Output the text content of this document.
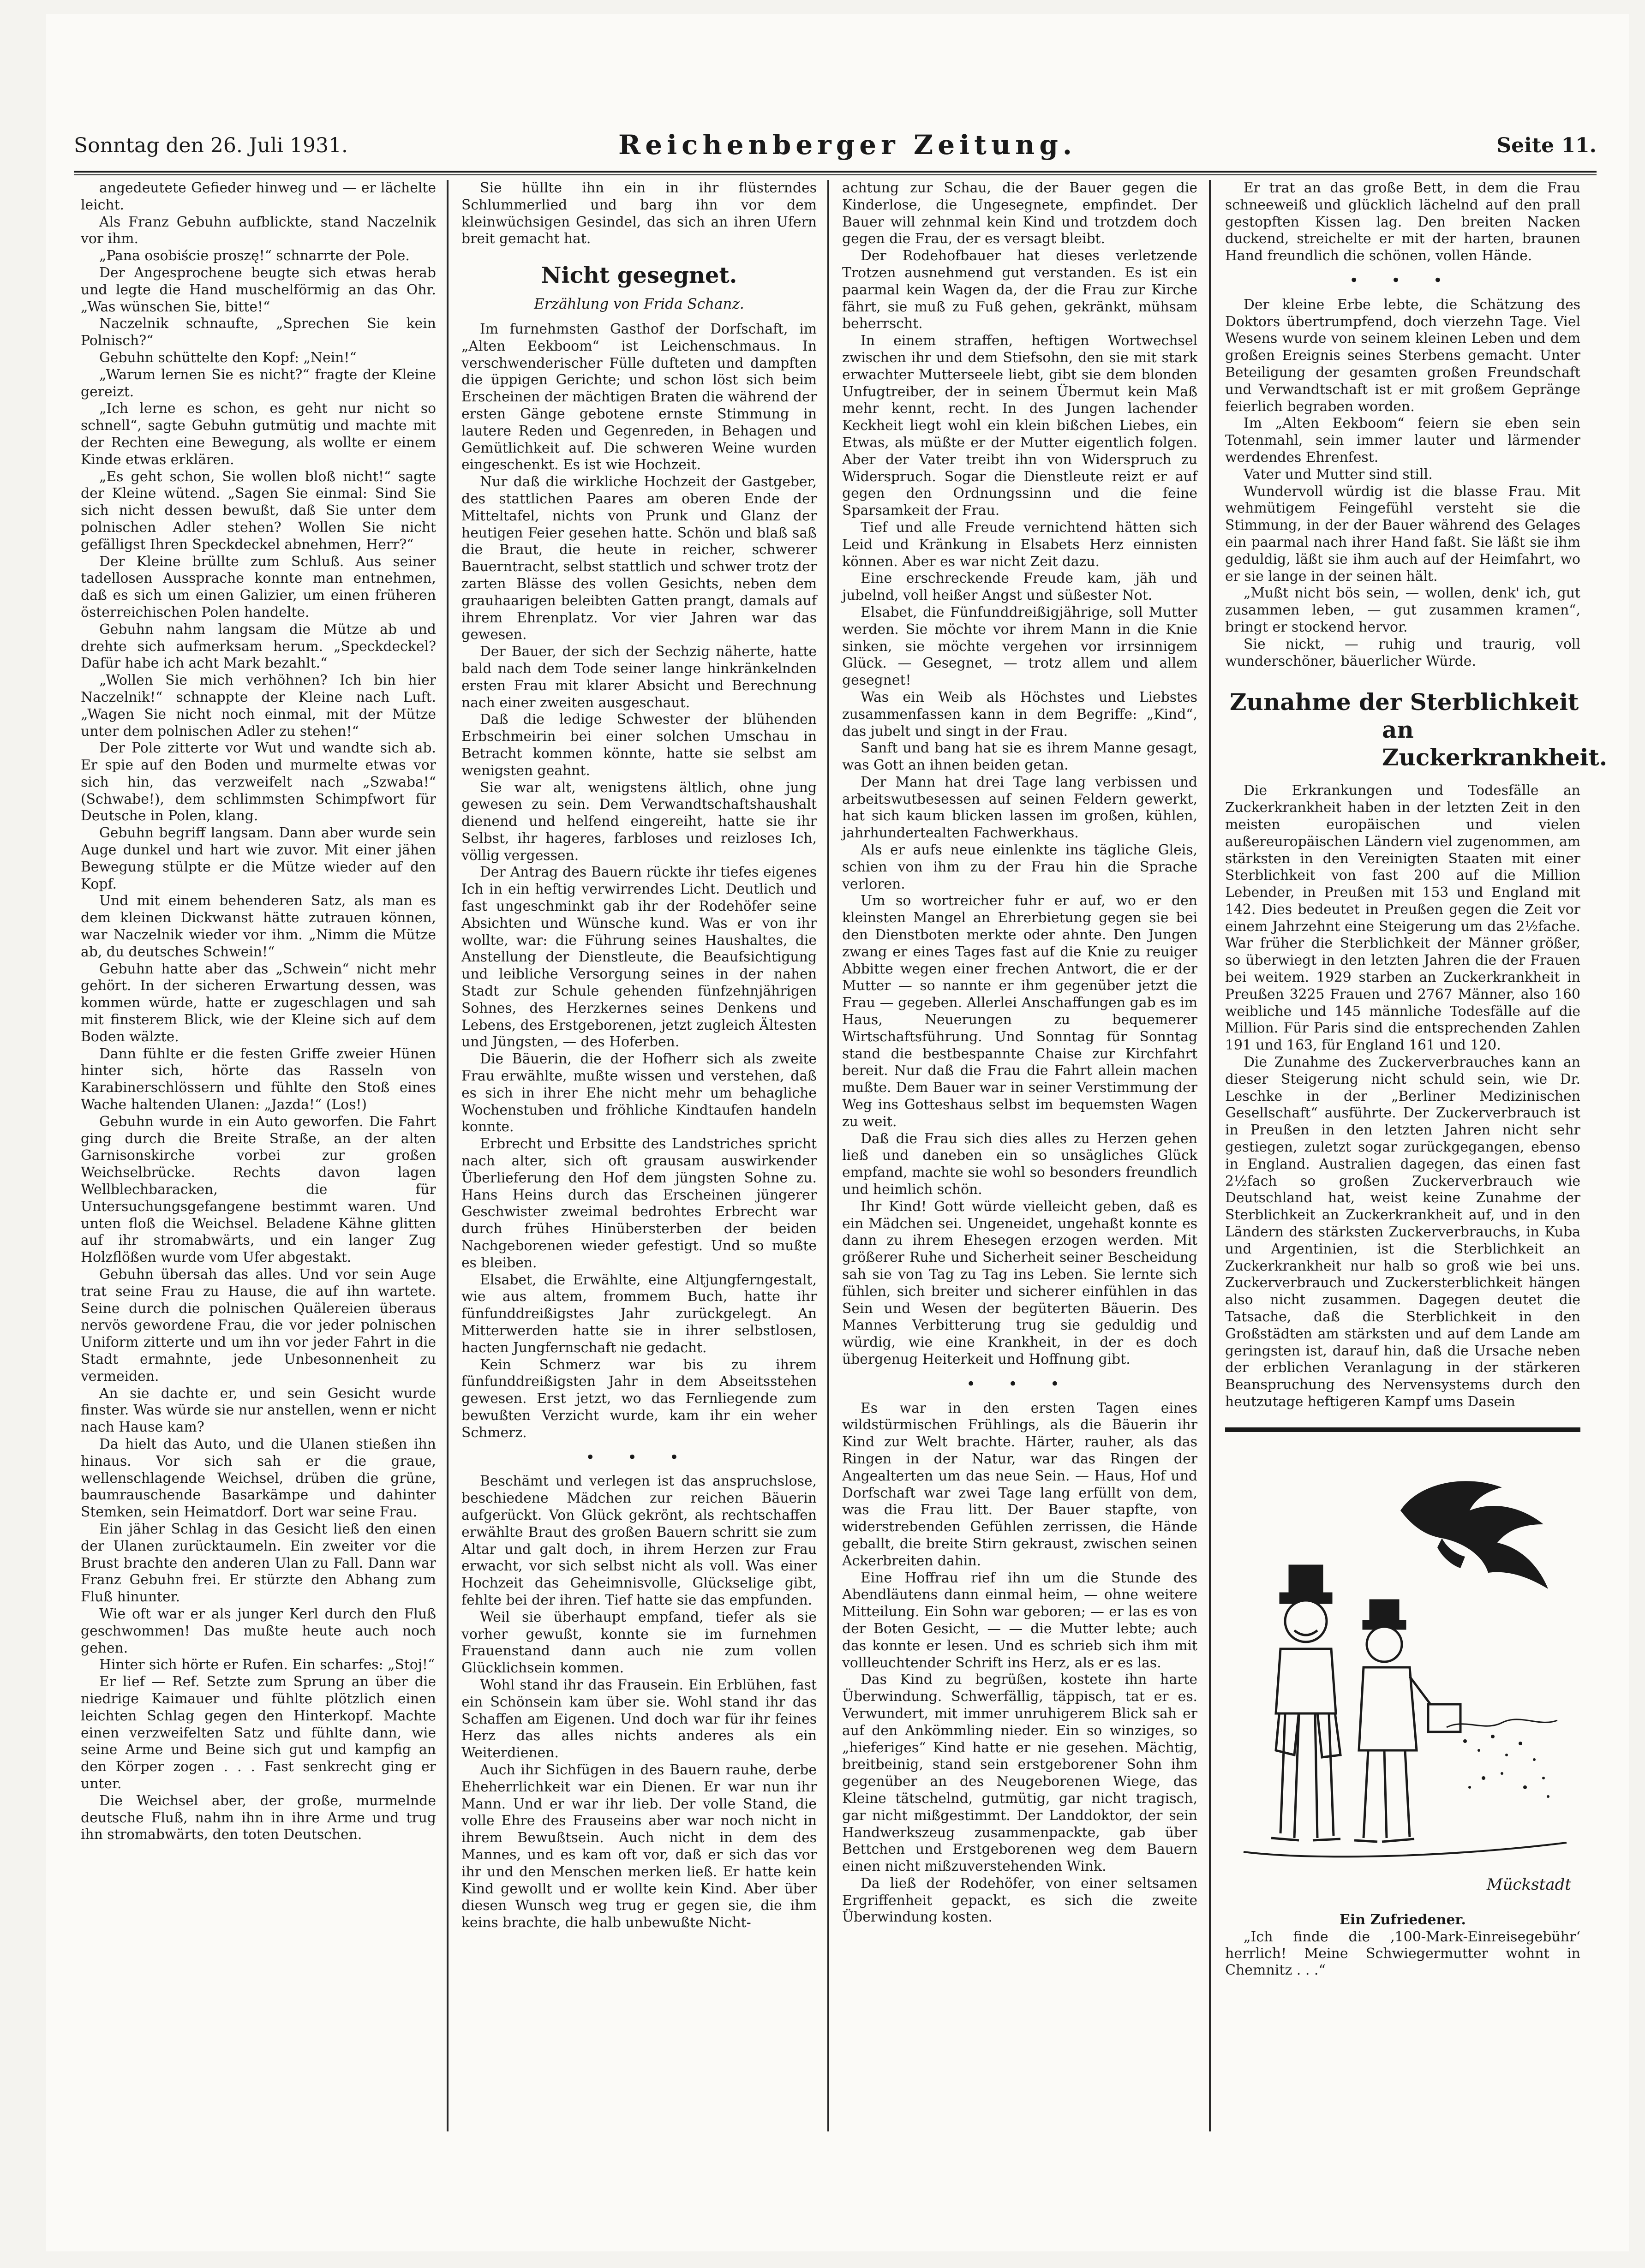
Sonntag den 26. Juli 1931.	Reichenberger Zeitung.	Seite 11.

angedeutete Gefieder hinweg und — er lächelte leicht.

Als Franz Gebuhn aufblickte, stand Naczelnik vor ihm.

„Pana osobiście proszę!“ schnarrte der Pole.

Der Angesprochene beugte sich etwas herab und legte die Hand muschelförmig an das Ohr. „Was wünschen Sie, bitte!“

Naczelnik schnaufte, „Sprechen Sie kein Polnisch?“

Gebuhn schüttelte den Kopf: „Nein!“

„Warum lernen Sie es nicht?“ fragte der Kleine gereizt.

„Ich lerne es schon, es geht nur nicht so schnell“, sagte Gebuhn gutmütig und machte mit der Rechten eine Bewegung, als wollte er einem Kinde etwas erklären.

„Es geht schon, Sie wollen bloß nicht!“ sagte der Kleine wütend. „Sagen Sie einmal: Sind Sie sich nicht dessen bewußt, daß Sie unter dem polnischen Adler stehen? Wollen Sie nicht gefälligst Ihren Speckdeckel abnehmen, Herr?“

Der Kleine brüllte zum Schluß. Aus seiner tadellosen Aussprache konnte man entnehmen, daß es sich um einen Galizier, um einen früheren österreichischen Polen handelte.

Gebuhn nahm langsam die Mütze ab und drehte sich aufmerksam herum. „Speckdeckel? Dafür habe ich acht Mark bezahlt.“

„Wollen Sie mich verhöhnen? Ich bin hier Naczelnik!“ schnappte der Kleine nach Luft. „Wagen Sie nicht noch einmal, mit der Mütze unter dem polnischen Adler zu stehen!“

Der Pole zitterte vor Wut und wandte sich ab. Er spie auf den Boden und murmelte etwas vor sich hin, das verzweifelt nach „Szwaba!“ (Schwabe!), dem schlimmsten Schimpfwort für Deutsche in Polen, klang.

Gebuhn begriff langsam. Dann aber wurde sein Auge dunkel und hart wie zuvor. Mit einer jähen Bewegung stülpte er die Mütze wieder auf den Kopf.

Und mit einem behenderen Satz, als man es dem kleinen Dickwanst hätte zutrauen können, war Naczelnik wieder vor ihm. „Nimm die Mütze ab, du deutsches Schwein!“

Gebuhn hatte aber das „Schwein“ nicht mehr gehört. In der sicheren Erwartung dessen, was kommen würde, hatte er zugeschlagen und sah mit finsterem Blick, wie der Kleine sich auf dem Boden wälzte.

Dann fühlte er die festen Griffe zweier Hünen hinter sich, hörte das Rasseln von Karabinerschlössern und fühlte den Stoß eines Wache haltenden Ulanen: „Jazda!“ (Los!)

Gebuhn wurde in ein Auto geworfen. Die Fahrt ging durch die Breite Straße, an der alten Garnisonskirche vorbei zur großen Weichselbrücke. Rechts davon lagen Wellblechbaracken, die für Untersuchungsgefangene bestimmt waren. Und unten floß die Weichsel. Beladene Kähne glitten auf ihr stromabwärts, und ein langer Zug Holzflößen wurde vom Ufer abgestakt.

Gebuhn übersah das alles. Und vor sein Auge trat seine Frau zu Hause, die auf ihn wartete. Seine durch die polnischen Quälereien überaus nervös gewordene Frau, die vor jeder polnischen Uniform zitterte und um ihn vor jeder Fahrt in die Stadt ermahnte, jede Unbesonnenheit zu vermeiden.

An sie dachte er, und sein Gesicht wurde finster. Was würde sie nur anstellen, wenn er nicht nach Hause kam?

Da hielt das Auto, und die Ulanen stießen ihn hinaus. Vor sich sah er die graue, wellenschlagende Weichsel, drüben die grüne, baumrauschende Basarkämpe und dahinter Stemken, sein Heimatdorf. Dort war seine Frau.

Ein jäher Schlag in das Gesicht ließ den einen der Ulanen zurücktaumeln. Ein zweiter vor die Brust brachte den anderen Ulan zu Fall. Dann war Franz Gebuhn frei. Er stürzte den Abhang zum Fluß hinunter.

Wie oft war er als junger Kerl durch den Fluß geschwommen! Das mußte heute auch noch gehen.

Hinter sich hörte er Rufen. Ein scharfes: „Stoj!“

Er lief — Ref. Setzte zum Sprung an über die niedrige Kaimauer und fühlte plötzlich einen leichten Schlag gegen den Hinterkopf. Machte einen verzweifelten Satz und fühlte dann, wie seine Arme und Beine sich gut und kampfig an den Körper zogen . . . Fast senkrecht ging er unter.

Die Weichsel aber, der große, murmelnde deutsche Fluß, nahm ihn in ihre Arme und trug ihn stromabwärts, den toten Deutschen.

Sie hüllte ihn ein in ihr flüsterndes Schlummerlied und barg ihn vor dem kleinwüchsigen Gesindel, das sich an ihren Ufern breit gemacht hat.

Nicht gesegnet.
Erzählung von Frida Schanz.

Im furnehmsten Gasthof der Dorfschaft, im „Alten Eekboom“ ist Leichenschmaus. In verschwenderischer Fülle dufteten und dampften die üppigen Gerichte; und schon löst sich beim Erscheinen der mächtigen Braten die während der ersten Gänge gebotene ernste Stimmung in lautere Reden und Gegenreden, in Behagen und Gemütlichkeit auf. Die schweren Weine wurden eingeschenkt. Es ist wie Hochzeit.

Nur daß die wirkliche Hochzeit der Gastgeber, des stattlichen Paares am oberen Ende der Mitteltafel, nichts von Prunk und Glanz der heutigen Feier gesehen hatte. Schön und blaß saß die Braut, die heute in reicher, schwerer Bauerntracht, selbst stattlich und schwer trotz der zarten Blässe des vollen Gesichts, neben dem grauhaarigen beleibten Gatten prangt, damals auf ihrem Ehrenplatz. Vor vier Jahren war das gewesen.

Der Bauer, der sich der Sechzig näherte, hatte bald nach dem Tode seiner lange hinkränkelnden ersten Frau mit klarer Absicht und Berechnung nach einer zweiten ausgeschaut.

Daß die ledige Schwester der blühenden Erbschmeirin bei einer solchen Umschau in Betracht kommen könnte, hatte sie selbst am wenigsten geahnt.

Sie war alt, wenigstens ältlich, ohne jung gewesen zu sein. Dem Verwandtschaftshaushalt dienend und helfend eingereiht, hatte sie ihr Selbst, ihr hageres, farbloses und reizloses Ich, völlig vergessen.

Der Antrag des Bauern rückte ihr tiefes eigenes Ich in ein heftig verwirrendes Licht. Deutlich und fast ungeschminkt gab ihr der Rodehöfer seine Absichten und Wünsche kund. Was er von ihr wollte, war: die Führung seines Haushaltes, die Anstellung der Dienstleute, die Beaufsichtigung und leibliche Versorgung seines in der nahen Stadt zur Schule gehenden fünfzehnjährigen Sohnes, des Herzkernes seines Denkens und Lebens, des Erstgeborenen, jetzt zugleich Ältesten und Jüngsten, — des Hoferben.

Die Bäuerin, die der Hofherr sich als zweite Frau erwählte, mußte wissen und verstehen, daß es sich in ihrer Ehe nicht mehr um behagliche Wochenstuben und fröhliche Kindtaufen handeln konnte.

Erbrecht und Erbsitte des Landstriches spricht nach alter, sich oft grausam auswirkender Überlieferung den Hof dem jüngsten Sohne zu. Hans Heins durch das Erscheinen jüngerer Geschwister zweimal bedrohtes Erbrecht war durch frühes Hinübersterben der beiden Nachgeborenen wieder gefestigt. Und so mußte es bleiben.

Elsabet, die Erwählte, eine Altjungferngestalt, wie aus altem, frommem Buch, hatte ihr fünfunddreißigstes Jahr zurückgelegt. An Mitterwerden hatte sie in ihrer selbstlosen, hacten Jungfernschaft nie gedacht.

Kein Schmerz war bis zu ihrem fünfunddreißigsten Jahr in dem Abseitsstehen gewesen. Erst jetzt, wo das Fernliegende zum bewußten Verzicht wurde, kam ihr ein weher Schmerz.

• • •

Beschämt und verlegen ist das anspruchslose, beschiedene Mädchen zur reichen Bäuerin aufgerückt. Von Glück gekrönt, als rechtschaffen erwählte Braut des großen Bauern schritt sie zum Altar und galt doch, in ihrem Herzen zur Frau erwacht, vor sich selbst nicht als voll. Was einer Hochzeit das Geheimnisvolle, Glückselige gibt, fehlte bei der ihren. Tief hatte sie das empfunden.

Weil sie überhaupt empfand, tiefer als sie vorher gewußt, konnte sie im furnehmen Frauenstand dann auch nie zum vollen Glücklichsein kommen.

Wohl stand ihr das Frausein. Ein Erblühen, fast ein Schönsein kam über sie. Wohl stand ihr das Schaffen am Eigenen. Und doch war für ihr feines Herz das alles nichts anderes als ein Weiterdienen.

Auch ihr Sichfügen in des Bauern rauhe, derbe Eheherrlichkeit war ein Dienen. Er war nun ihr Mann. Und er war ihr lieb. Der volle Stand, die volle Ehre des Frauseins aber war noch nicht in ihrem Bewußtsein. Auch nicht in dem des Mannes, und es kam oft vor, daß er sich das vor ihr und den Menschen merken ließ. Er hatte kein Kind gewollt und er wollte kein Kind. Aber über diesen Wunsch weg trug er gegen sie, die ihm keins brachte, die halb unbewußte Nicht-

achtung zur Schau, die der Bauer gegen die Kinderlose, die Ungesegnete, empfindet. Der Bauer will zehnmal kein Kind und trotzdem doch gegen die Frau, der es versagt bleibt.

Der Rodehofbauer hat dieses verletzende Trotzen ausnehmend gut verstanden. Es ist ein paarmal kein Wagen da, der die Frau zur Kirche fährt, sie muß zu Fuß gehen, gekränkt, mühsam beherrscht.

In einem straffen, heftigen Wortwechsel zwischen ihr und dem Stiefsohn, den sie mit stark erwachter Mutterseele liebt, gibt sie dem blonden Unfugtreiber, der in seinem Übermut kein Maß mehr kennt, recht. In des Jungen lachender Keckheit liegt wohl ein klein bißchen Liebes, ein Etwas, als müßte er der Mutter eigentlich folgen. Aber der Vater treibt ihn von Widerspruch zu Widerspruch. Sogar die Dienstleute reizt er auf gegen den Ordnungssinn und die feine Sparsamkeit der Frau.

Tief und alle Freude vernichtend hätten sich Leid und Kränkung in Elsabets Herz einnisten können. Aber es war nicht Zeit dazu.

Eine erschreckende Freude kam, jäh und jubelnd, voll heißer Angst und süßester Not.

Elsabet, die Fünfunddreißigjährige, soll Mutter werden. Sie möchte vor ihrem Mann in die Knie sinken, sie möchte vergehen vor irrsinnigem Glück. — Gesegnet, — trotz allem und allem gesegnet!

Was ein Weib als Höchstes und Liebstes zusammenfassen kann in dem Begriffe: „Kind“, das jubelt und singt in der Frau.

Sanft und bang hat sie es ihrem Manne gesagt, was Gott an ihnen beiden getan.

Der Mann hat drei Tage lang verbissen und arbeitswutbesessen auf seinen Feldern gewerkt, hat sich kaum blicken lassen im großen, kühlen, jahrhundertealten Fachwerkhaus.

Als er aufs neue einlenkte ins tägliche Gleis, schien von ihm zu der Frau hin die Sprache verloren.

Um so wortreicher fuhr er auf, wo er den kleinsten Mangel an Ehrerbietung gegen sie bei den Dienstboten merkte oder ahnte. Den Jungen zwang er eines Tages fast auf die Knie zu reuiger Abbitte wegen einer frechen Antwort, die er der Mutter — so nannte er ihm gegenüber jetzt die Frau — gegeben. Allerlei Anschaffungen gab es im Haus, Neuerungen zu bequemerer Wirtschaftsführung. Und Sonntag für Sonntag stand die bestbespannte Chaise zur Kirchfahrt bereit. Nur daß die Frau die Fahrt allein machen mußte. Dem Bauer war in seiner Verstimmung der Weg ins Gotteshaus selbst im bequemsten Wagen zu weit.

Daß die Frau sich dies alles zu Herzen gehen ließ und daneben ein so unsägliches Glück empfand, machte sie wohl so besonders freundlich und heimlich schön.

Ihr Kind! Gott würde vielleicht geben, daß es ein Mädchen sei. Ungeneidet, ungehaßt konnte es dann zu ihrem Ehesegen erzogen werden. Mit größerer Ruhe und Sicherheit seiner Bescheidung sah sie von Tag zu Tag ins Leben. Sie lernte sich fühlen, sich breiter und sicherer einfühlen in das Sein und Wesen der begüterten Bäuerin. Des Mannes Verbitterung trug sie geduldig und würdig, wie eine Krankheit, in der es doch übergenug Heiterkeit und Hoffnung gibt.

• • •

Es war in den ersten Tagen eines wildstürmischen Frühlings, als die Bäuerin ihr Kind zur Welt brachte. Härter, rauher, als das Ringen in der Natur, war das Ringen der Angealterten um das neue Sein. — Haus, Hof und Dorfschaft war zwei Tage lang erfüllt von dem, was die Frau litt. Der Bauer stapfte, von widerstrebenden Gefühlen zerrissen, die Hände geballt, die breite Stirn gekraust, zwischen seinen Ackerbreiten dahin.

Eine Hoffrau rief ihn um die Stunde des Abendläutens dann einmal heim, — ohne weitere Mitteilung. Ein Sohn war geboren; — er las es von der Boten Gesicht, — — die Mutter lebte; auch das konnte er lesen. Und es schrieb sich ihm mit vollleuchtender Schrift ins Herz, als er es las.

Das Kind zu begrüßen, kostete ihn harte Überwindung. Schwerfällig, täppisch, tat er es. Verwundert, mit immer unruhigerem Blick sah er auf den Ankömmling nieder. Ein so winziges, so „hieferiges“ Kind hatte er nie gesehen. Mächtig, breitbeinig, stand sein erstgeborener Sohn ihm gegenüber an des Neugeborenen Wiege, das Kleine tätschelnd, gutmütig, gar nicht tragisch, gar nicht mißgestimmt. Der Landdoktor, der sein Handwerkszeug zusammenpackte, gab über Bettchen und Erstgeborenen weg dem Bauern einen nicht mißzuverstehenden Wink.

Da ließ der Rodehöfer, von einer seltsamen Ergriffenheit gepackt, es sich die zweite Überwindung kosten.

Er trat an das große Bett, in dem die Frau schneeweiß und glücklich lächelnd auf den prall gestopften Kissen lag. Den breiten Nacken duckend, streichelte er mit der harten, braunen Hand freundlich die schönen, vollen Hände.

• • •

Der kleine Erbe lebte, die Schätzung des Doktors übertrumpfend, doch vierzehn Tage. Viel Wesens wurde von seinem kleinen Leben und dem großen Ereignis seines Sterbens gemacht. Unter Beteiligung der gesamten großen Freundschaft und Verwandtschaft ist er mit großem Gepränge feierlich begraben worden.

Im „Alten Eekboom“ feiern sie eben sein Totenmahl, sein immer lauter und lärmender werdendes Ehrenfest.

Vater und Mutter sind still.

Wundervoll würdig ist die blasse Frau. Mit wehmütigem Feingefühl versteht sie die Stimmung, in der der Bauer während des Gelages ein paarmal nach ihrer Hand faßt. Sie läßt sie ihm geduldig, läßt sie ihm auch auf der Heimfahrt, wo er sie lange in der seinen hält.

„Mußt nicht bös sein, — wollen, denk' ich, gut zusammen leben, — gut zusammen kramen“, bringt er stockend hervor.

Sie nickt, — ruhig und traurig, voll wunderschöner, bäuerlicher Würde.

Zunahme der Sterblichkeit
an Zuckerkrankheit.

Die Erkrankungen und Todesfälle an Zuckerkrankheit haben in der letzten Zeit in den meisten europäischen und vielen außereuropäischen Ländern viel zugenommen, am stärksten in den Vereinigten Staaten mit einer Sterblichkeit von fast 200 auf die Million Lebender, in Preußen mit 153 und England mit 142. Dies bedeutet in Preußen gegen die Zeit vor einem Jahrzehnt eine Steigerung um das 2½fache. War früher die Sterblichkeit der Männer größer, so überwiegt in den letzten Jahren die der Frauen bei weitem. 1929 starben an Zuckerkrankheit in Preußen 3225 Frauen und 2767 Männer, also 160 weibliche und 145 männliche Todesfälle auf die Million. Für Paris sind die entsprechenden Zahlen 191 und 163, für England 161 und 120.

Die Zunahme des Zuckerverbrauches kann an dieser Steigerung nicht schuld sein, wie Dr. Leschke in der „Berliner Medizinischen Gesellschaft“ ausführte. Der Zuckerverbrauch ist in Preußen in den letzten Jahren nicht sehr gestiegen, zuletzt sogar zurückgegangen, ebenso in England. Australien dagegen, das einen fast 2½fach so großen Zuckerverbrauch wie Deutschland hat, weist keine Zunahme der Sterblichkeit an Zuckerkrankheit auf, und in den Ländern des stärksten Zuckerverbrauchs, in Kuba und Argentinien, ist die Sterblichkeit an Zuckerkrankheit nur halb so groß wie bei uns. Zuckerverbrauch und Zuckersterblichkeit hängen also nicht zusammen. Dagegen deutet die Tatsache, daß die Sterblichkeit in den Großstädten am stärksten und auf dem Lande am geringsten ist, darauf hin, daß die Ursache neben der erblichen Veranlagung in der stärkeren Beanspruchung des Nervensystems durch den heutzutage heftigeren Kampf ums Dasein

Mückstadt
Ein Zufriedener.
„Ich finde die ‚100-Mark-Einreisegebühr‘ herrlich! Meine Schwiegermutter wohnt in Chemnitz . . .“
